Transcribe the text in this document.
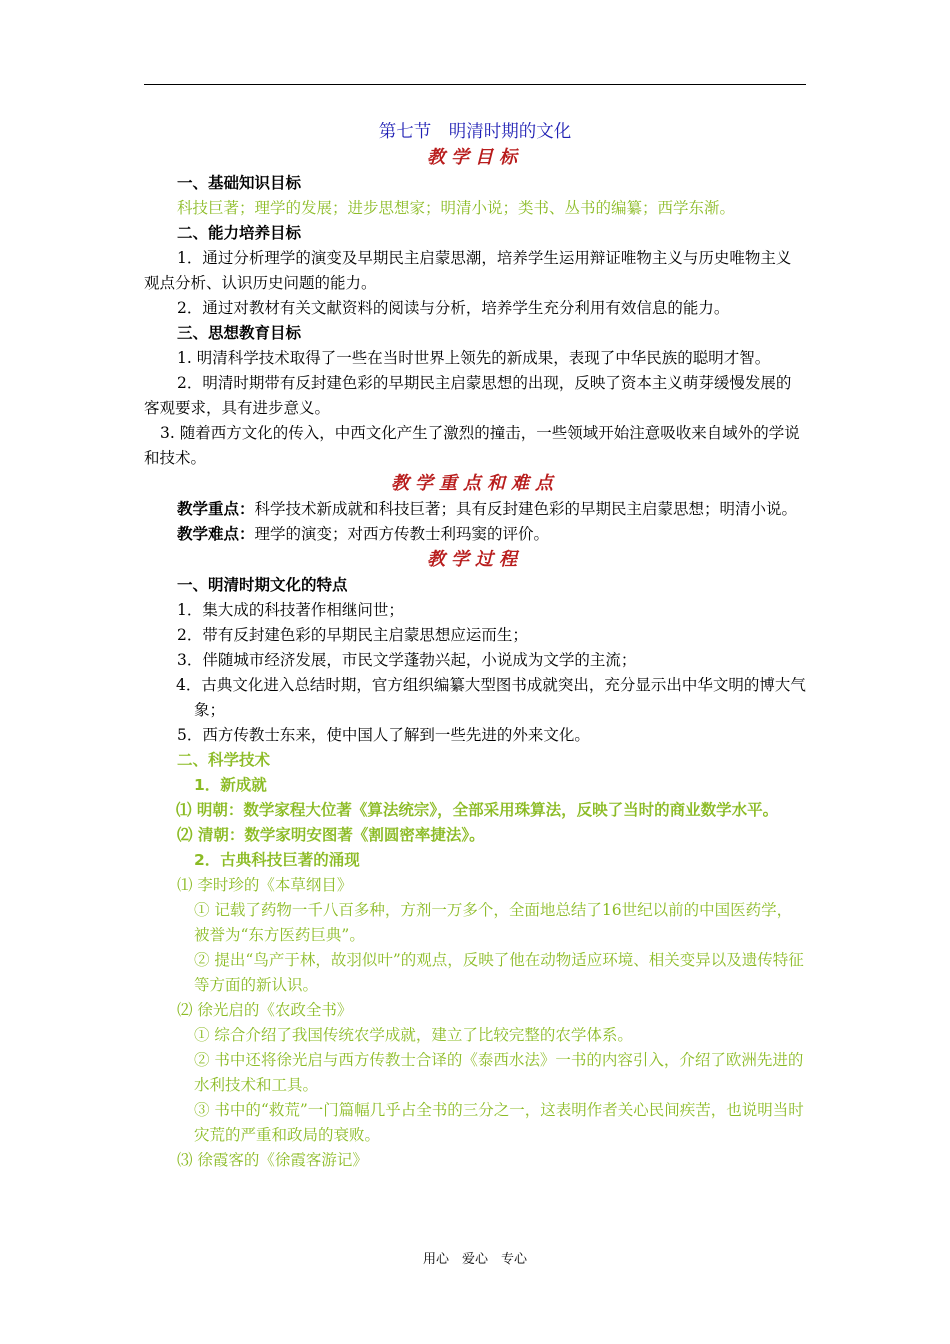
第七节　明清时期的文化
教学目标
一、基础知识目标
科技巨著；理学的发展；进步思想家；明清小说；类书、丛书的编纂；西学东渐。
二、能力培养目标
1．通过分析理学的演变及早期民主启蒙思潮，培养学生运用辩证唯物主义与历史唯物主义观点分析、认识历史问题的能力。
2．通过对教材有关文献资料的阅读与分析，培养学生充分利用有效信息的能力。
三、思想教育目标
1. 明清科学技术取得了一些在当时世界上领先的新成果，表现了中华民族的聪明才智。
2．明清时期带有反封建色彩的早期民主启蒙思想的出现，反映了资本主义萌芽缓慢发展的客观要求，具有进步意义。
3. 随着西方文化的传入，中西文化产生了激烈的撞击，一些领域开始注意吸收来自域外的学说和技术。
教学重点和难点
教学重点：科学技术新成就和科技巨著；具有反封建色彩的早期民主启蒙思想；明清小说。
教学难点：理学的演变；对西方传教士利玛窦的评价。
教学过程
一、明清时期文化的特点
1．集大成的科技著作相继问世；
2．带有反封建色彩的早期民主启蒙思想应运而生；
3．伴随城市经济发展，市民文学蓬勃兴起，小说成为文学的主流；
4．古典文化进入总结时期，官方组织编纂大型图书成就突出，充分显示出中华文明的博大气象；
5．西方传教士东来，使中国人了解到一些先进的外来文化。
二、科学技术
1．新成就
⑴ 明朝：数学家程大位著《算法统宗》，全部采用珠算法，反映了当时的商业数学水平。
⑵ 清朝：数学家明安图著《割圆密率捷法》。
2．古典科技巨著的涌现
⑴ 李时珍的《本草纲目》
① 记载了药物一千八百多种，方剂一万多个，全面地总结了16世纪以前的中国医药学，被誉为“东方医药巨典”。
② 提出“鸟产于林，故羽似叶”的观点，反映了他在动物适应环境、相关变异以及遗传特征等方面的新认识。
⑵ 徐光启的《农政全书》
① 综合介绍了我国传统农学成就，建立了比较完整的农学体系。
② 书中还将徐光启与西方传教士合译的《泰西水法》一书的内容引入，介绍了欧洲先进的水利技术和工具。
③ 书中的“救荒”一门篇幅几乎占全书的三分之一，这表明作者关心民间疾苦，也说明当时灾荒的严重和政局的衰败。
⑶ 徐霞客的《徐霞客游记》
用心　爱心　专心
